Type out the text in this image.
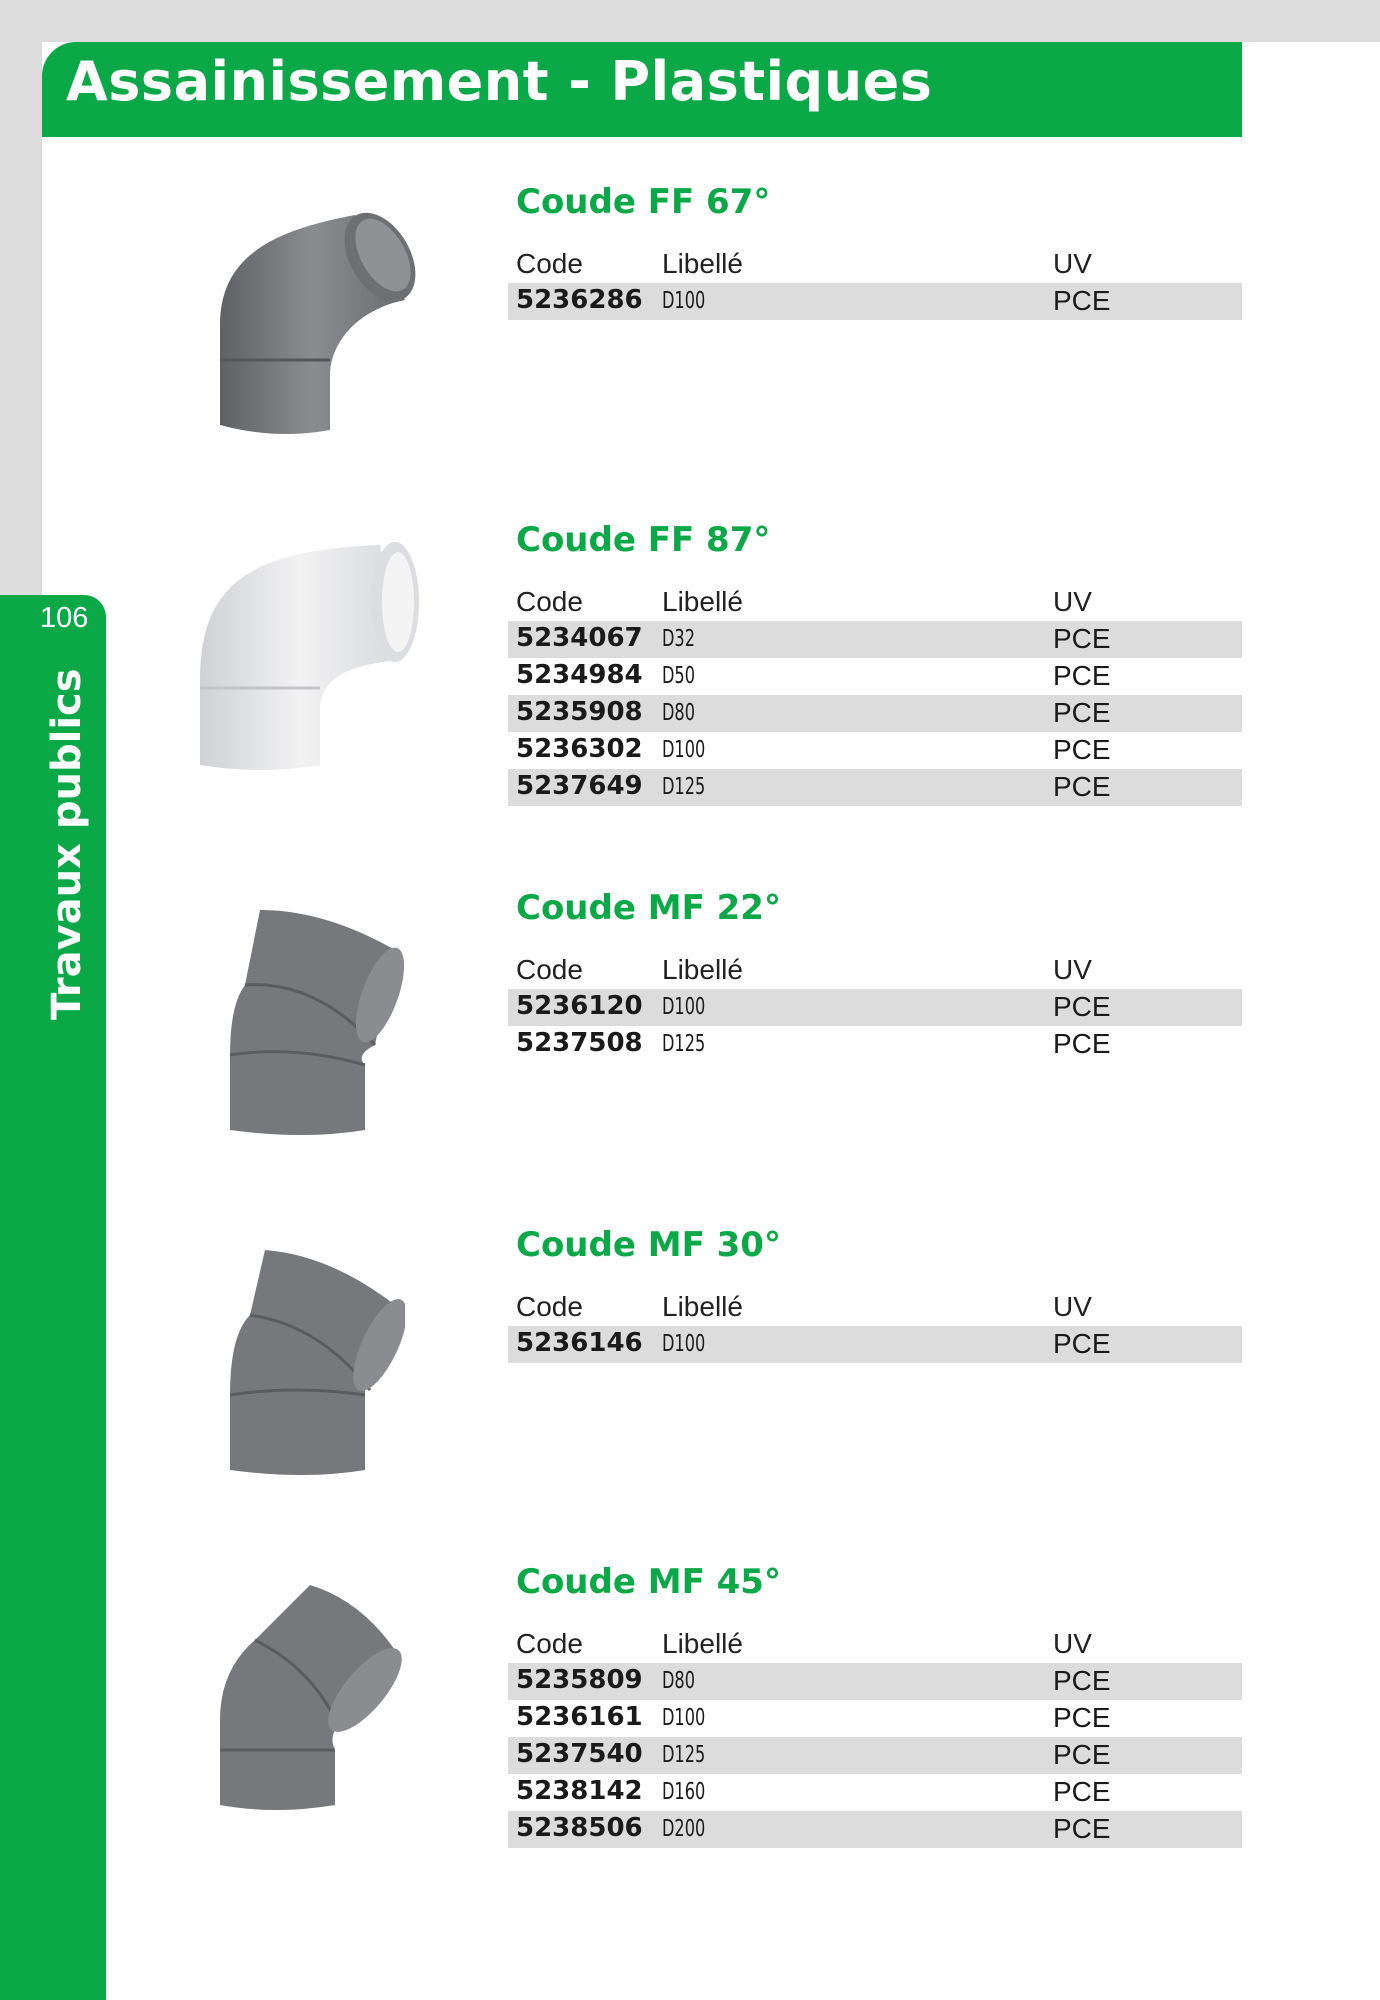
106
Travaux publics
Assainissement - Plastiques
Coude FF 67°
Code	Libellé	UV
5236286 D100	PCE
Coude FF 87°
Code	Libellé	UV
5234067 D32	PCE
5234984 D50	PCE
5235908 D80	PCE
5236302 D100	PCE
5237649 D125	PCE
Coude MF 22°
Code	Libellé	UV
5236120 D100	PCE
5237508 D125	PCE
Coude MF 30°
Code	Libellé	UV
5236146 D100	PCE
Coude MF 45°
Code	Libellé	UV
5235809 D80	PCE
5236161 D100	PCE
5237540 D125	PCE
5238142 D160	PCE
5238506 D200	PCE
